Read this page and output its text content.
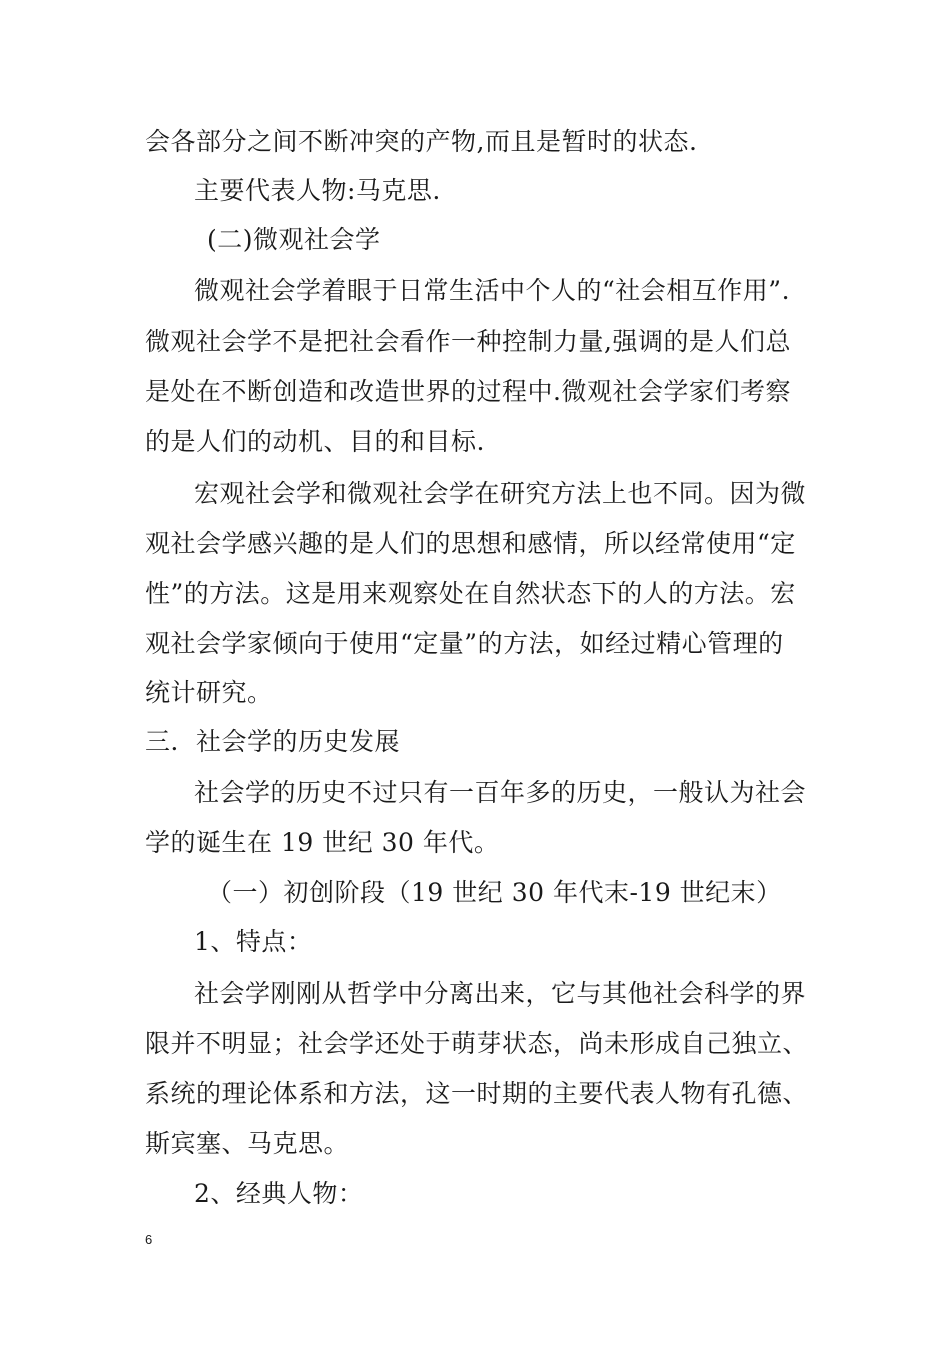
会各部分之间不断冲突的产物,而且是暂时的状态.
主要代表人物:马克思.
(二)微观社会学
微观社会学着眼于日常生活中个人的“社会相互作用”.
微观社会学不是把社会看作一种控制力量,强调的是人们总
是处在不断创造和改造世界的过程中.微观社会学家们考察
的是人们的动机、目的和目标.
宏观社会学和微观社会学在研究方法上也不同。因为微
观社会学感兴趣的是人们的思想和感情，所以经常使用“定
性”的方法。这是用来观察处在自然状态下的人的方法。宏
观社会学家倾向于使用“定量”的方法，如经过精心管理的
统计研究。
三．社会学的历史发展
社会学的历史不过只有一百年多的历史，一般认为社会
学的诞生在 19 世纪 30 年代。
（一）初创阶段（19 世纪 30 年代末-19 世纪末）
1、特点：
社会学刚刚从哲学中分离出来，它与其他社会科学的界
限并不明显；社会学还处于萌芽状态，尚未形成自己独立、
系统的理论体系和方法，这一时期的主要代表人物有孔德、
斯宾塞、马克思。
2、经典人物：
6
